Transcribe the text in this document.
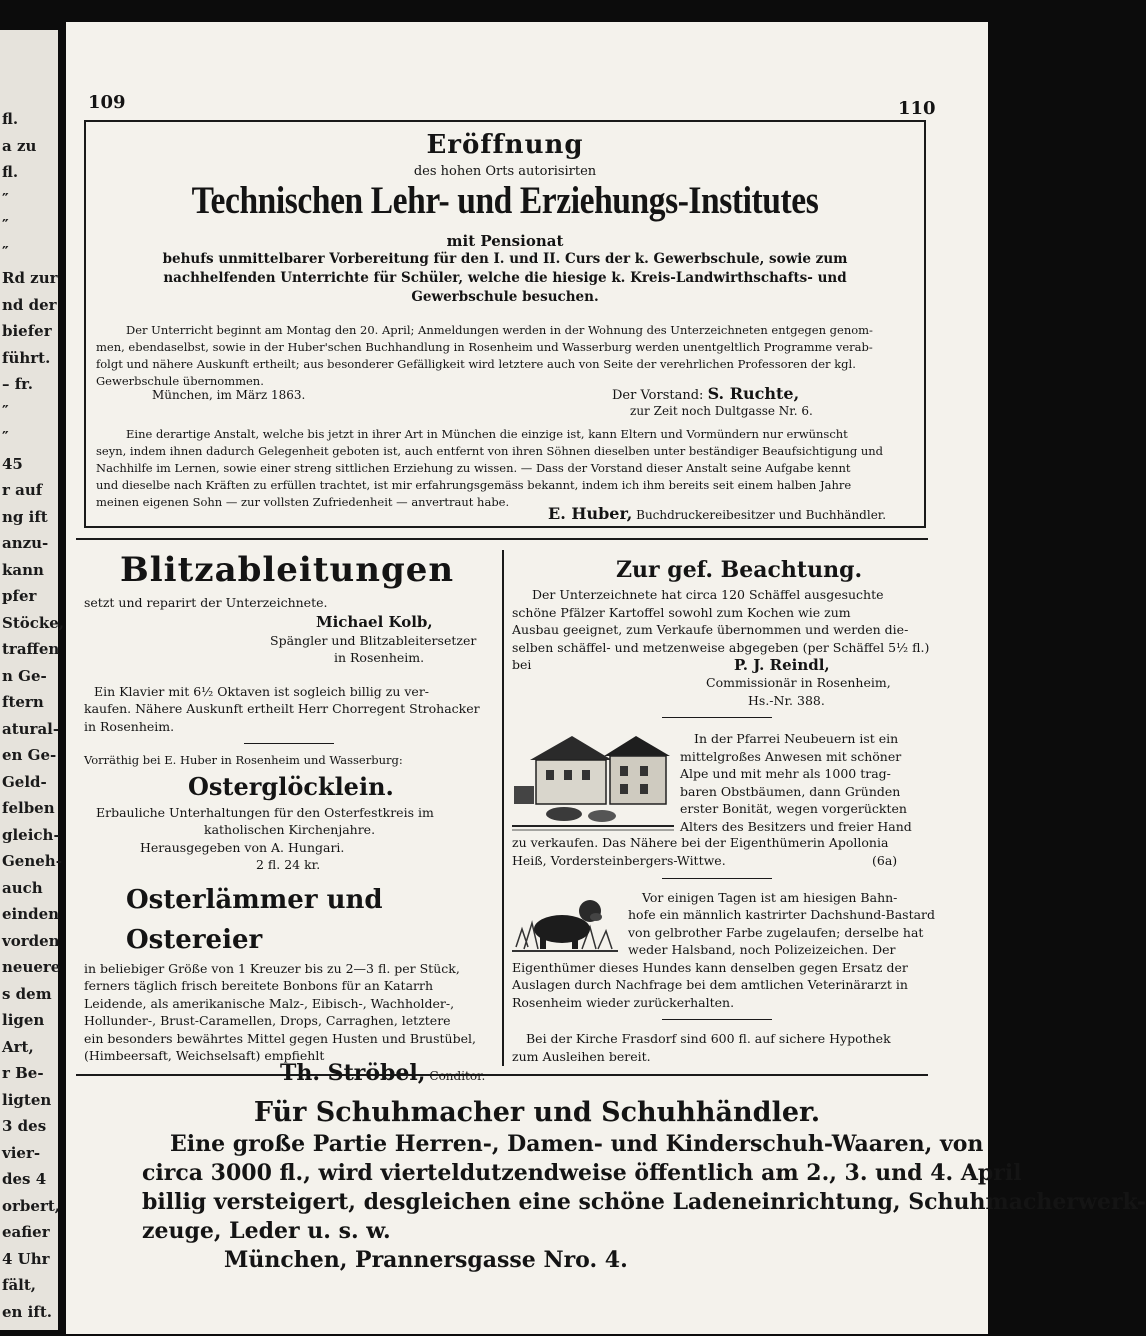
fl.
a zu
fl.
″
″
″
Rd zur
nd der
biefer
führt.
– fr.
″
″
45
r auf
ng ift
anzu-
kann
pfer
Stöcke,
traffen
n Ge-
ftern
atural-
en Ge-
Geld-
felben
gleich-
Geneh-
auch
einden
vorden
neuere
s dem
ligen
Art,
r Be-
ligten
3 des
vier-
des 4
orbert,
eafier
4 Uhr
fält,
en ift.
109	110
Eröffnung
des hohen Orts autorisirten
Technischen Lehr- und Erziehungs-Institutes
mit Pensionat
behufs unmittelbarer Vorbereitung für den I. und II. Curs der k. Gewerbschule, sowie zum
nachhelfenden Unterrichte für Schüler, welche die hiesige k. Kreis-Landwirthschafts- und
Gewerbschule besuchen.
Der Unterricht beginnt am Montag den 20. April; Anmeldungen werden in der Wohnung des Unterzeichneten entgegen genom-
men, ebendaselbst, sowie in der Huber'schen Buchhandlung in Rosenheim und Wasserburg werden unentgeltlich Programme verab-
folgt und nähere Auskunft ertheilt; aus besonderer Gefälligkeit wird letztere auch von Seite der verehrlichen Professoren der kgl.
Gewerbschule übernommen.
München, im März 1863.	Der Vorstand: S. Ruchte,
zur Zeit noch Dultgasse Nr. 6.
Eine derartige Anstalt, welche bis jetzt in ihrer Art in München die einzige ist, kann Eltern und Vormündern nur erwünscht
seyn, indem ihnen dadurch Gelegenheit geboten ist, auch entfernt von ihren Söhnen dieselben unter beständiger Beaufsichtigung und
Nachhilfe im Lernen, sowie einer streng sittlichen Erziehung zu wissen. — Dass der Vorstand dieser Anstalt seine Aufgabe kennt
und dieselbe nach Kräften zu erfüllen trachtet, ist mir erfahrungsgemäss bekannt, indem ich ihm bereits seit einem halben Jahre
meinen eigenen Sohn — zur vollsten Zufriedenheit — anvertraut habe.
E. Huber, Buchdruckereibesitzer und Buchhändler.
Blitzableitungen
setzt und reparirt der Unterzeichnete.
Michael Kolb,
Spängler und Blitzableitersetzer
in Rosenheim.
Ein Klavier mit 6½ Oktaven ist sogleich billig zu ver-
kaufen. Nähere Auskunft ertheilt Herr Chorregent Strohacker
in Rosenheim.
Vorräthig bei E. Huber in Rosenheim und Wasserburg:
Osterglöcklein.
Erbauliche Unterhaltungen für den Osterfestkreis im
katholischen Kirchenjahre.
Herausgegeben von A. Hungari.
2 fl. 24 kr.
Osterlämmer und Ostereier
in beliebiger Größe von 1 Kreuzer bis zu 2—3 fl. per Stück,
ferners täglich frisch bereitete Bonbons für an Katarrh
Leidende, als amerikanische Malz-, Eibisch-, Wachholder-,
Hollunder-, Brust-Caramellen, Drops, Carraghen, letztere
ein besonders bewährtes Mittel gegen Husten und Brustübel,
(Himbeersaft, Weichselsaft) empfiehlt
Th. Ströbel, Conditor.
Zur gef. Beachtung.
Der Unterzeichnete hat circa 120 Schäffel ausgesuchte
schöne Pfälzer Kartoffel sowohl zum Kochen wie zum
Ausbau geeignet, zum Verkaufe übernommen und werden die-
selben schäffel- und metzenweise abgegeben (per Schäffel 5½ fl.)
bei	P. J. Reindl,
Commissionär in Rosenheim,
Hs.-Nr. 388.
In der Pfarrei Neubeuern ist ein
mittelgroßes Anwesen mit schöner
Alpe und mit mehr als 1000 trag-
baren Obstbäumen, dann Gründen
erster Bonität, wegen vorgerückten
Alters des Besitzers und freier Hand
zu verkaufen. Das Nähere bei der Eigenthümerin Apollonia
Heiß, Vordersteinbergers-Wittwe.	(6a)
Vor einigen Tagen ist am hiesigen Bahn-
hofe ein männlich kastrirter Dachshund-Bastard
von gelbrother Farbe zugelaufen; derselbe hat
weder Halsband, noch Polizeizeichen. Der
Eigenthümer dieses Hundes kann denselben gegen Ersatz der
Auslagen durch Nachfrage bei dem amtlichen Veterinärarzt in
Rosenheim wieder zurückerhalten.
Bei der Kirche Frasdorf sind 600 fl. auf sichere Hypothek
zum Ausleihen bereit.
Für Schuhmacher und Schuhhändler.
Eine große Partie Herren-, Damen- und Kinderschuh-Waaren, von
circa 3000 fl., wird vierteldutzendweise öffentlich am 2., 3. und 4. April
billig versteigert, desgleichen eine schöne Ladeneinrichtung, Schuhmacherwerk-
zeuge, Leder u. s. w.
München, Prannersgasse Nro. 4.
